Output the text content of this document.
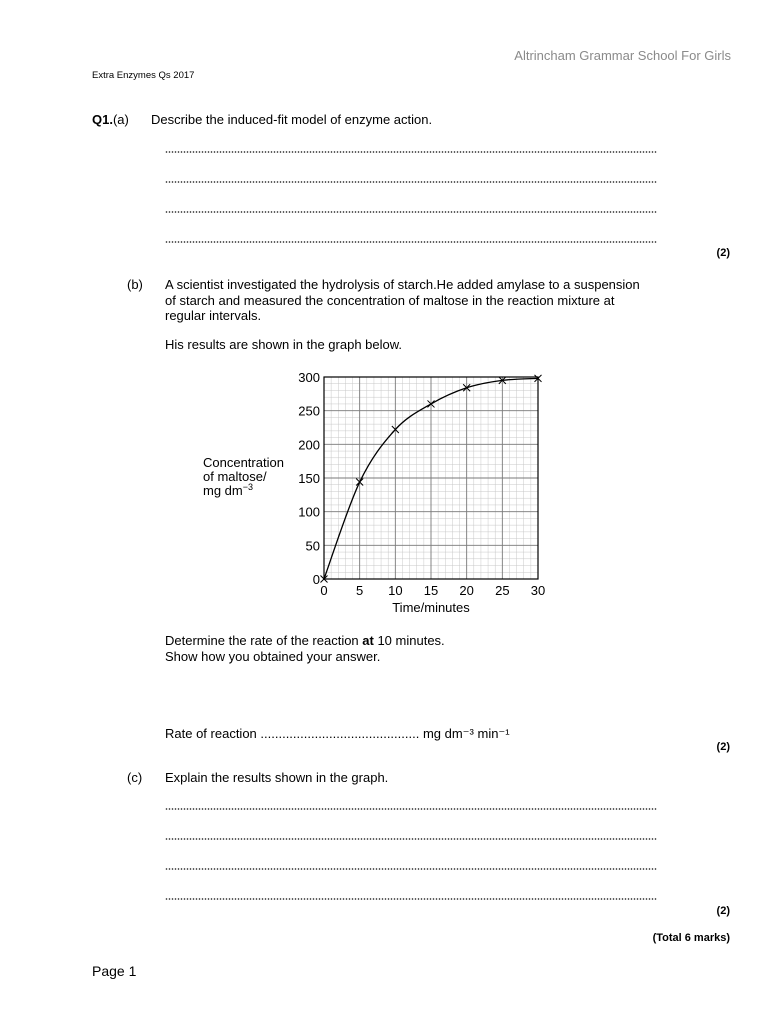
Altrincham Grammar School For Girls
Extra Enzymes Qs 2017
Q1.(a) Describe the induced-fit model of enzyme action.
(2)
(b) A scientist investigated the hydrolysis of starch.He added amylase to a suspension
of starch and measured the concentration of maltose in the reaction mixture at
regular intervals.
His results are shown in the graph below.
0 5 10 15 20 25 30
0
50
100
150
200
250
300
Concentration
of maltose/
mg $dm^{-3}$
Time/minutes
Determine the rate of the reaction at 10 minutes.
Show how you obtained your answer.
Rate of reaction ............................................ mg dm⁻³ min⁻¹
(2)
(c) Explain the results shown in the graph.
(2)
(Total 6 marks)
Page 1
